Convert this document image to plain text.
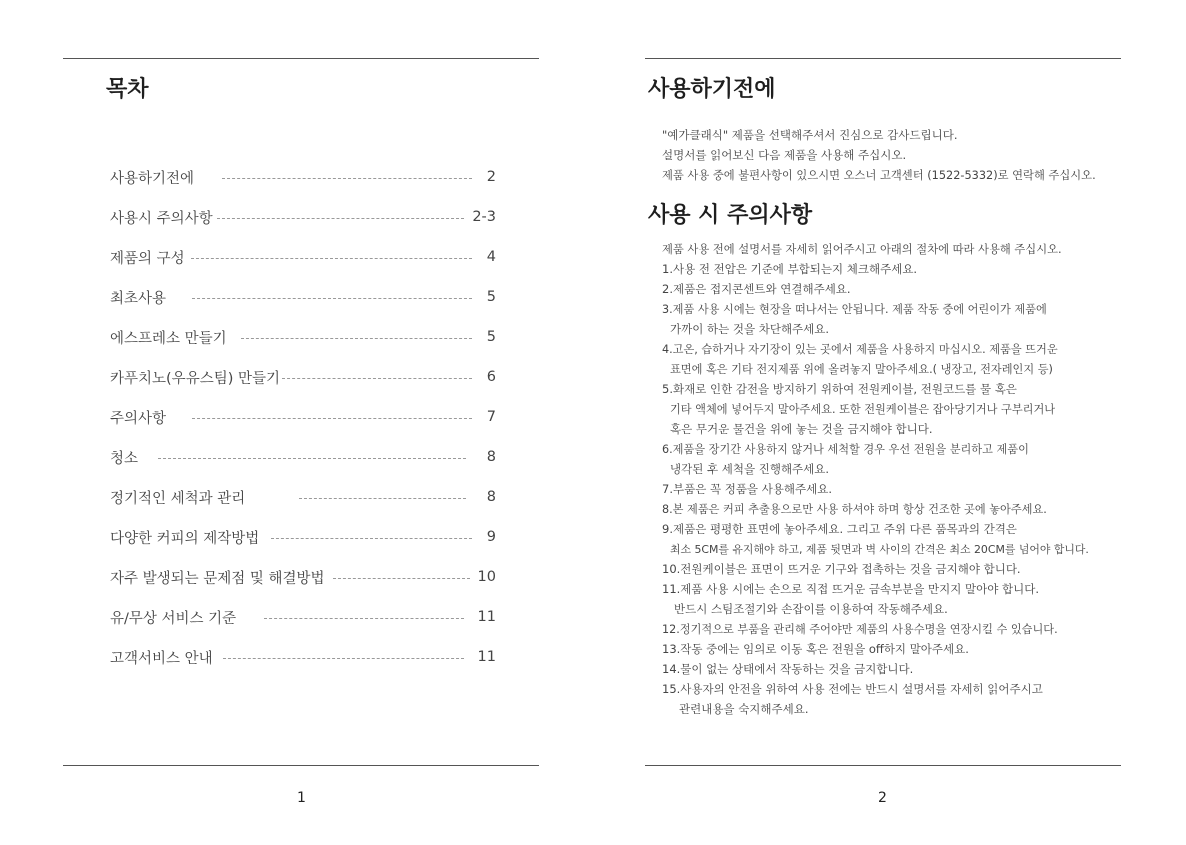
목차
사용하기전에	2
사용시 주의사항	2-3
제품의 구성	4
최초사용	5
에스프레소 만들기	5
카푸치노(우유스팀) 만들기	6
주의사항	7
청소	8
정기적인 세척과 관리	8
다양한 커피의 제작방법	9
자주 발생되는 문제점 및 해결방법	10
유/무상 서비스 기준	11
고객서비스 안내	11
1
사용하기전에
"예가클래식" 제품을 선택해주셔서 진심으로 감사드립니다.
설명서를 읽어보신 다음 제품을 사용해 주십시오.
제품 사용 중에 불편사항이 있으시면 오스너 고객센터 (1522-5332)로 연락해 주십시오.
사용 시 주의사항
제품 사용 전에 설명서를 자세히 읽어주시고 아래의 절차에 따라 사용해 주십시오.
1.사용 전 전압은 기준에 부합되는지 체크해주세요.
2.제품은 접지콘센트와 연결해주세요.
3.제품 사용 시에는 현장을 떠나서는 안됩니다. 제품 작동 중에 어린이가 제품에
가까이 하는 것을 차단해주세요.
4.고온, 습하거나 자기장이 있는 곳에서 제품을 사용하지 마십시오. 제품을 뜨거운
표면에 혹은 기타 전지제품 위에 올려놓지 말아주세요.( 냉장고, 전자레인지 등)
5.화재로 인한 감전을 방지하기 위하여 전원케이블, 전원코드를 물 혹은
기타 액체에 넣어두지 말아주세요. 또한 전원케이블은 잡아당기거나 구부리거나
혹은 무거운 물건을 위에 놓는 것을 금지해야 합니다.
6.제품을 장기간 사용하지 않거나 세척할 경우 우선 전원을 분리하고 제품이
냉각된 후 세척을 진행해주세요.
7.부품은 꼭 정품을 사용해주세요.
8.본 제품은 커피 추출용으로만 사용 하셔야 하며 항상 건조한 곳에 놓아주세요.
9.제품은 평평한 표면에 놓아주세요. 그리고 주위 다른 품목과의 간격은
최소 5CM를 유지해야 하고, 제품 뒷면과 벽 사이의 간격은 최소 20CM를 넘어야 합니다.
10.전원케이블은 표면이 뜨거운 기구와 접촉하는 것을 금지해야 합니다.
11.제품 사용 시에는 손으로 직접 뜨거운 금속부분을 만지지 말아야 합니다.
반드시 스팀조절기와 손잡이를 이용하여 작동해주세요.
12.정기적으로 부품을 관리해 주어야만 제품의 사용수명을 연장시킬 수 있습니다.
13.작동 중에는 임의로 이동 혹은 전원을 off하지 말아주세요.
14.물이 없는 상태에서 작동하는 것을 금지합니다.
15.사용자의 안전을 위하여 사용 전에는 반드시 설명서를 자세히 읽어주시고
관련내용을 숙지해주세요.
2
